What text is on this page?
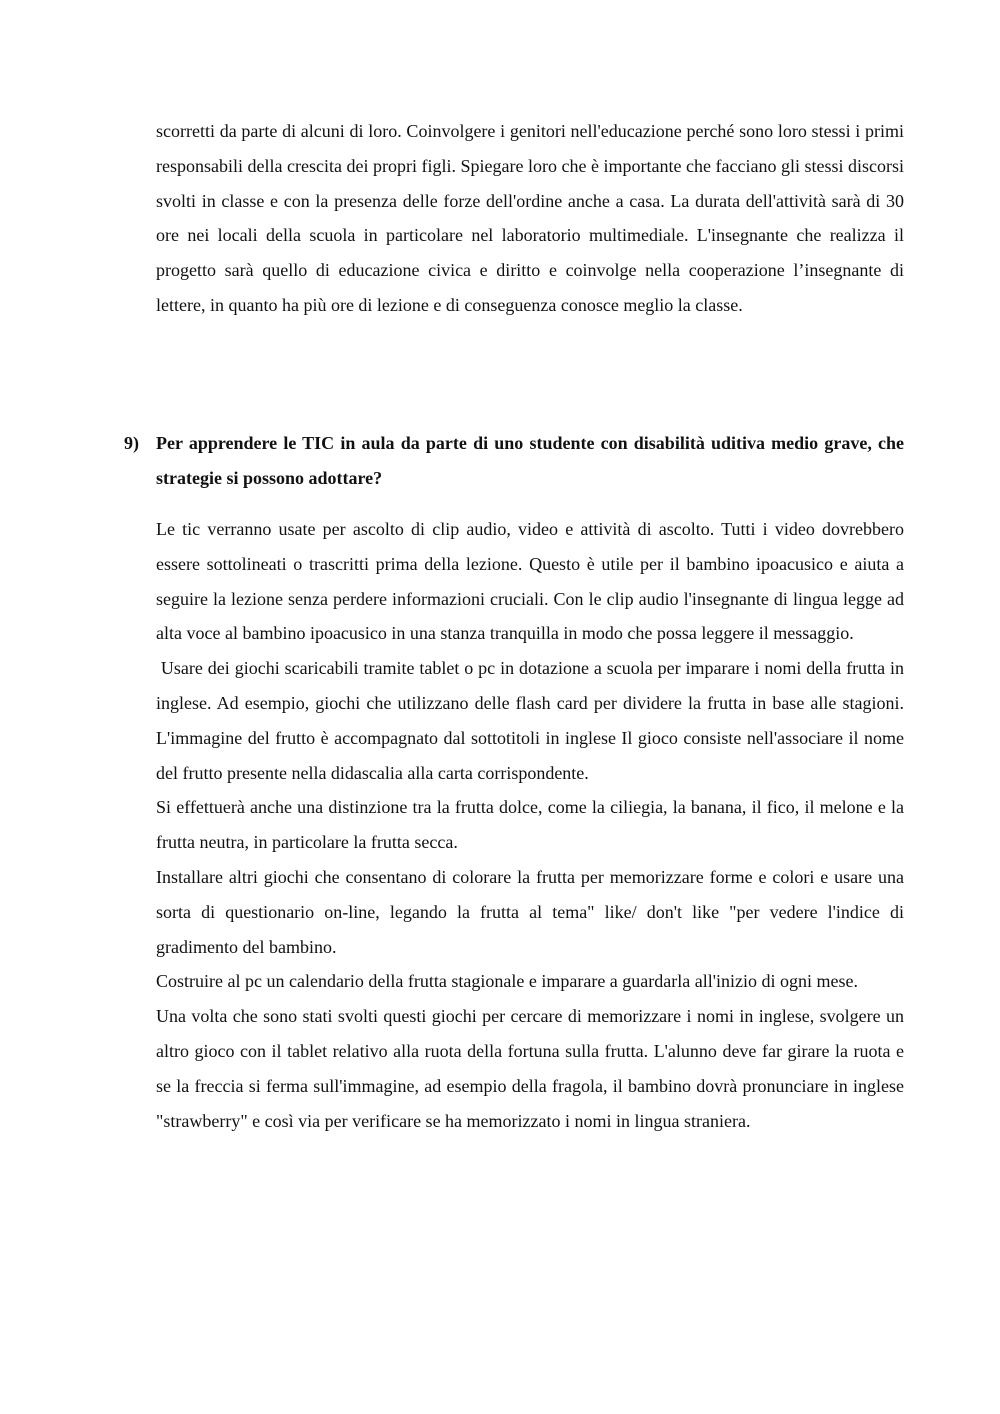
scorretti da parte di alcuni di loro. Coinvolgere i genitori nell'educazione perché sono loro stessi i primi responsabili della crescita dei propri figli. Spiegare loro che è importante che facciano gli stessi discorsi svolti in classe e con la presenza delle forze dell'ordine anche a casa. La durata dell'attività sarà di 30 ore nei locali della scuola in particolare nel laboratorio multimediale. L'insegnante che realizza il progetto sarà quello di educazione civica e diritto e coinvolge nella cooperazione l’insegnante di lettere, in quanto ha più ore di lezione e di conseguenza conosce meglio la classe.

9) Per apprendere le TIC in aula da parte di uno studente con disabilità uditiva medio grave, che strategie si possono adottare?

Le tic verranno usate per ascolto di clip audio, video e attività di ascolto. Tutti i video dovrebbero essere sottolineati o trascritti prima della lezione. Questo è utile per il bambino ipoacusico e aiuta a seguire la lezione senza perdere informazioni cruciali. Con le clip audio l'insegnante di lingua legge ad alta voce al bambino ipoacusico in una stanza tranquilla in modo che possa leggere il messaggio.

Usare dei giochi scaricabili tramite tablet o pc in dotazione a scuola per imparare i nomi della frutta in inglese. Ad esempio, giochi che utilizzano delle flash card per dividere la frutta in base alle stagioni. L'immagine del frutto è accompagnato dal sottotitoli in inglese Il gioco consiste nell'associare il nome del frutto presente nella didascalia alla carta corrispondente.

Si effettuerà anche una distinzione tra la frutta dolce, come la ciliegia, la banana, il fico, il melone e la frutta neutra, in particolare la frutta secca.

Installare altri giochi che consentano di colorare la frutta per memorizzare forme e colori e usare una sorta di questionario on-line, legando la frutta al tema" like/ don't like "per vedere l'indice di gradimento del bambino.

Costruire al pc un calendario della frutta stagionale e imparare a guardarla all'inizio di ogni mese.

Una volta che sono stati svolti questi giochi per cercare di memorizzare i nomi in inglese, svolgere un altro gioco con il tablet relativo alla ruota della fortuna sulla frutta. L'alunno deve far girare la ruota e se la freccia si ferma sull'immagine, ad esempio della fragola, il bambino dovrà pronunciare in inglese "strawberry" e così via per verificare se ha memorizzato i nomi in lingua straniera.
